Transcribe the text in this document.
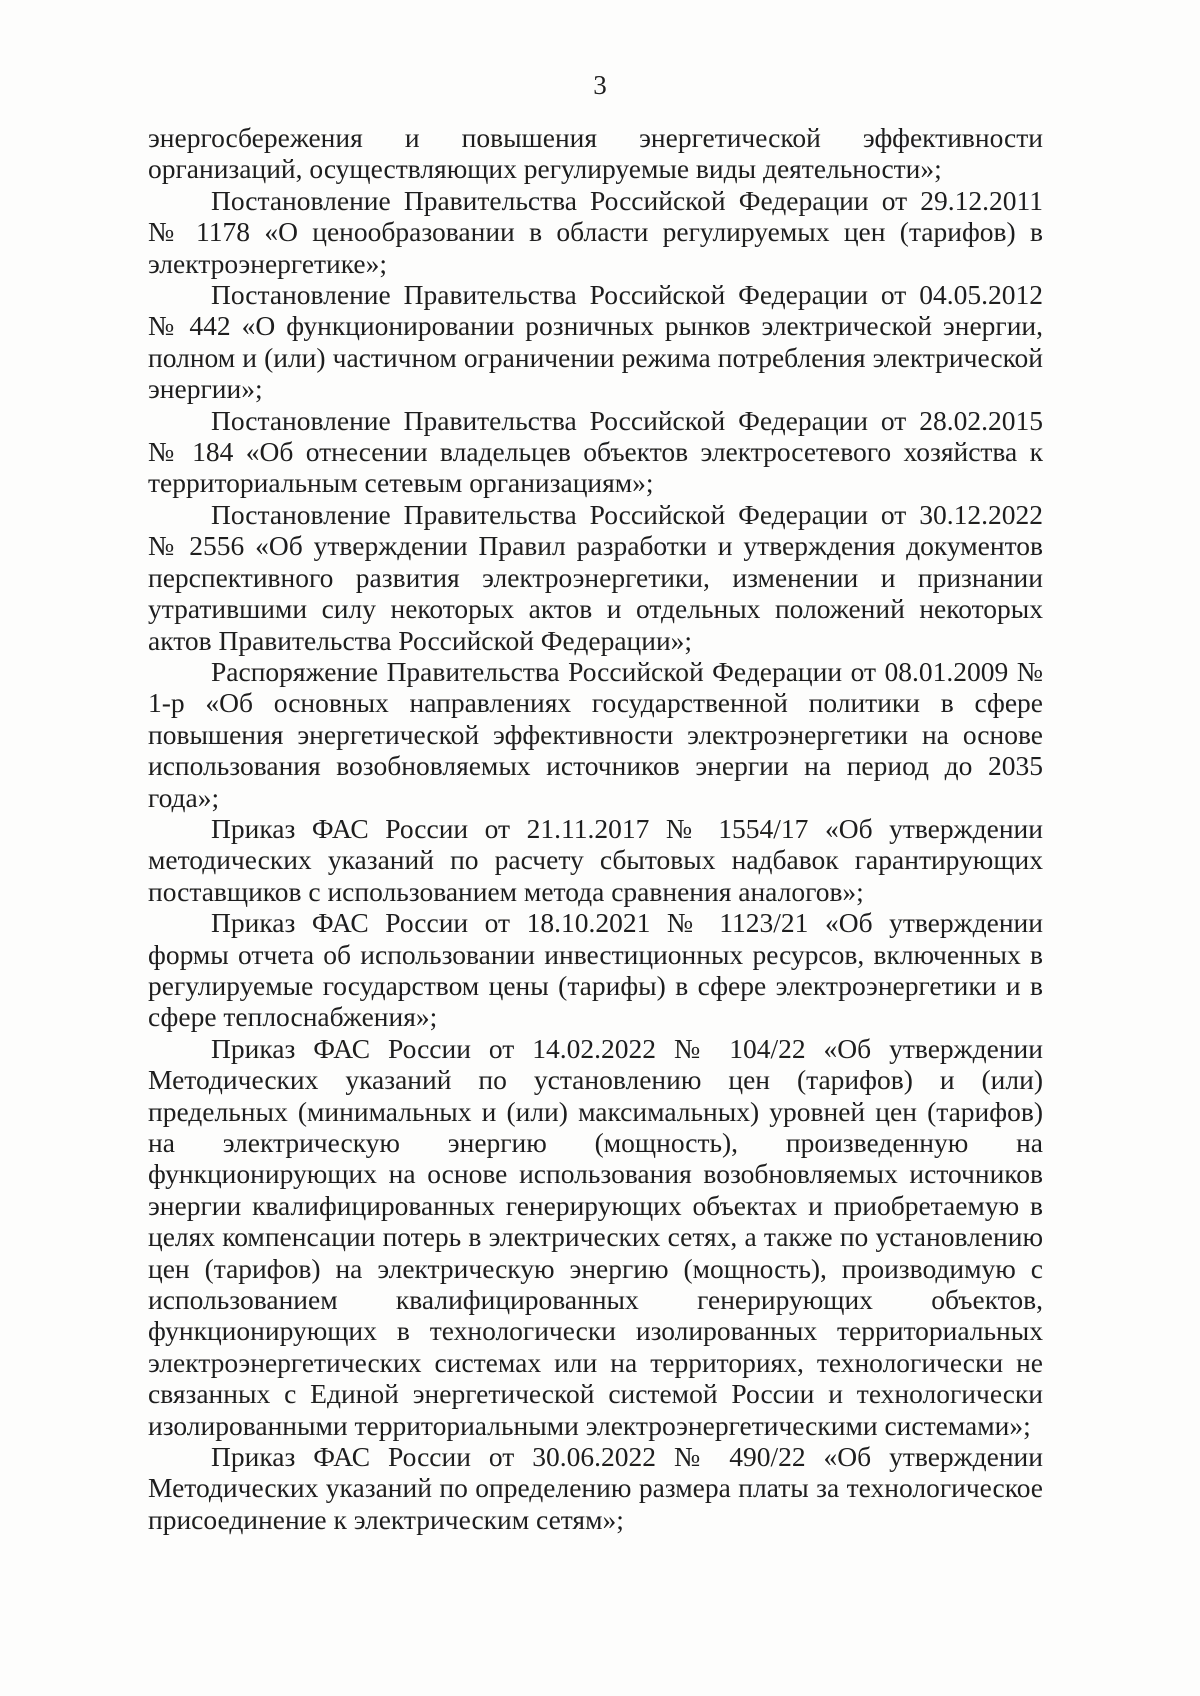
3

энергосбережения и повышения энергетической эффективности организаций, осуществляющих регулируемые виды деятельности»;

Постановление Правительства Российской Федерации от 29.12.2011 № 1178 «О ценообразовании в области регулируемых цен (тарифов) в электроэнергетике»;

Постановление Правительства Российской Федерации от 04.05.2012 № 442 «О функционировании розничных рынков электрической энергии, полном и (или) частичном ограничении режима потребления электрической энергии»;

Постановление Правительства Российской Федерации от 28.02.2015 № 184 «Об отнесении владельцев объектов электросетевого хозяйства к территориальным сетевым организациям»;

Постановление Правительства Российской Федерации от 30.12.2022 № 2556 «Об утверждении Правил разработки и утверждения документов перспективного развития электроэнергетики, изменении и признании утратившими силу некоторых актов и отдельных положений некоторых актов Правительства Российской Федерации»;

Распоряжение Правительства Российской Федерации от 08.01.2009 № 1-р «Об основных направлениях государственной политики в сфере повышения энергетической эффективности электроэнергетики на основе использования возобновляемых источников энергии на период до 2035 года»;

Приказ ФАС России от 21.11.2017 № 1554/17 «Об утверждении методических указаний по расчету сбытовых надбавок гарантирующих поставщиков с использованием метода сравнения аналогов»;

Приказ ФАС России от 18.10.2021 № 1123/21 «Об утверждении формы отчета об использовании инвестиционных ресурсов, включенных в регулируемые государством цены (тарифы) в сфере электроэнергетики и в сфере теплоснабжения»;

Приказ ФАС России от 14.02.2022 № 104/22 «Об утверждении Методических указаний по установлению цен (тарифов) и (или) предельных (минимальных и (или) максимальных) уровней цен (тарифов) на электрическую энергию (мощность), произведенную на функционирующих на основе использования возобновляемых источников энергии квалифицированных генерирующих объектах и приобретаемую в целях компенсации потерь в электрических сетях, а также по установлению цен (тарифов) на электрическую энергию (мощность), производимую с использованием квалифицированных генерирующих объектов, функционирующих в технологически изолированных территориальных электроэнергетических системах или на территориях, технологически не связанных с Единой энергетической системой России и технологически изолированными территориальными электроэнергетическими системами»;

Приказ ФАС России от 30.06.2022 № 490/22 «Об утверждении Методических указаний по определению размера платы за технологическое присоединение к электрическим сетям»;
